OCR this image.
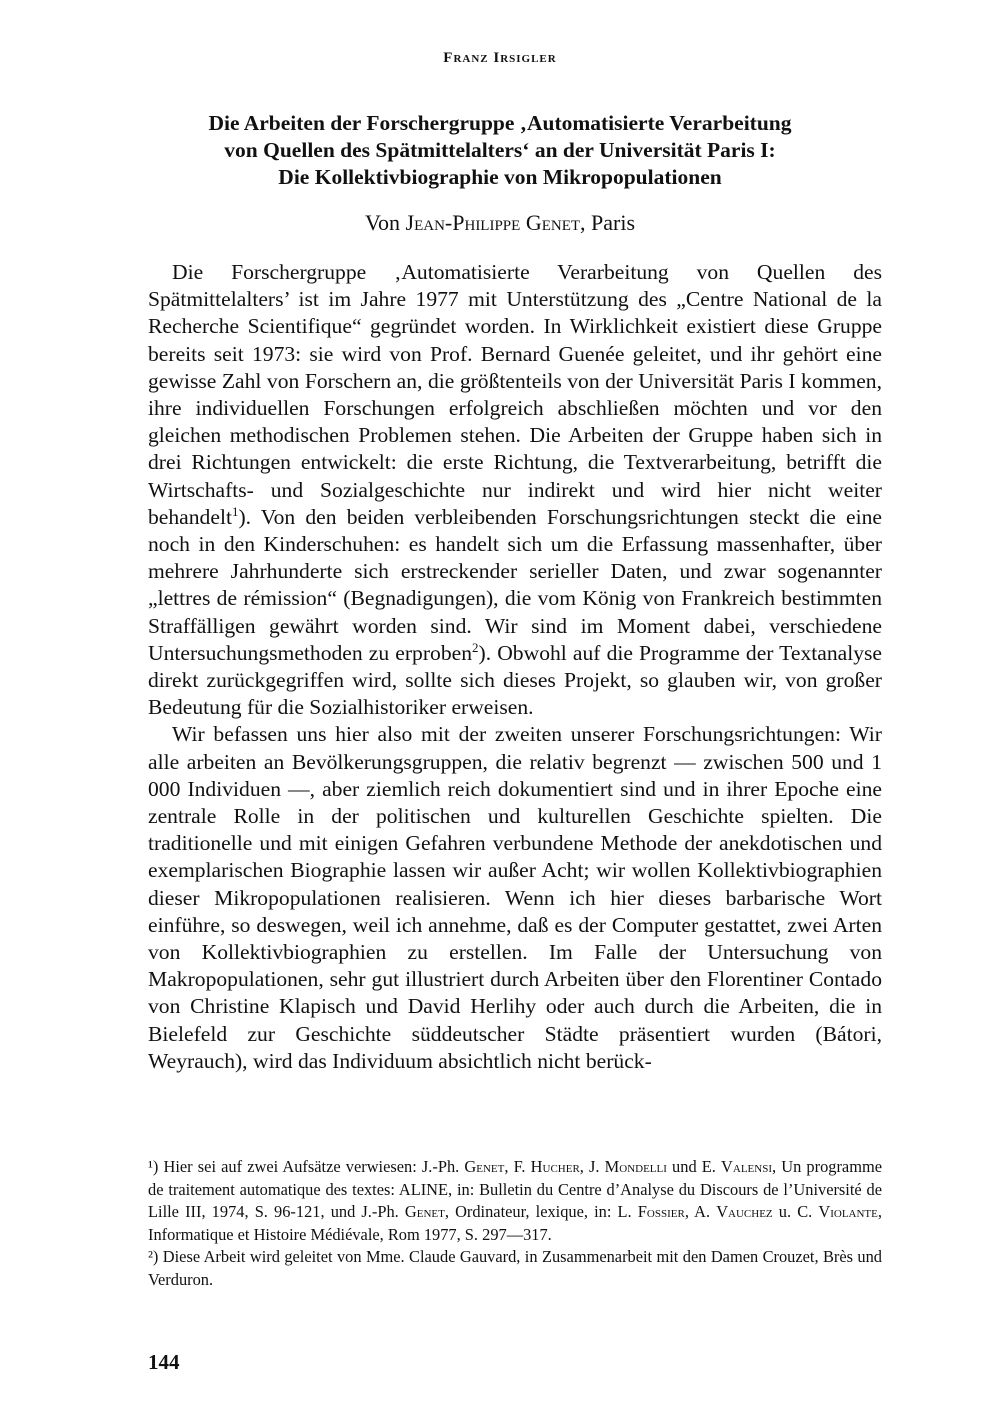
Franz Irsigler
Die Arbeiten der Forschergruppe ‚Automatisierte Verarbeitung
von Quellen des Spätmittelalters‘ an der Universität Paris I:
Die Kollektivbiographie von Mikropopulationen
Von Jean-Philippe Genet, Paris

Die Forschergruppe ‚Automatisierte Verarbeitung von Quellen des Spätmittelalters’ ist im Jahre 1977 mit Unterstützung des „Centre National de la Recherche Scientifique“ gegründet worden. In Wirklichkeit existiert diese Gruppe bereits seit 1973: sie wird von Prof. Bernard Guenée geleitet, und ihr gehört eine gewisse Zahl von Forschern an, die größtenteils von der Universität Paris I kommen, ihre individuellen Forschungen erfolgreich abschließen möchten und vor den gleichen methodischen Problemen stehen. Die Arbeiten der Gruppe haben sich in drei Richtungen entwickelt: die erste Richtung, die Textverarbeitung, betrifft die Wirtschafts- und Sozialgeschichte nur indirekt und wird hier nicht weiter behandelt$^1$). Von den beiden verbleibenden Forschungsrichtungen steckt die eine noch in den Kinderschuhen: es handelt sich um die Erfassung massenhafter, über mehrere Jahrhunderte sich erstreckender serieller Daten, und zwar sogenannter „lettres de rémission“ (Begnadigungen), die vom König von Frankreich bestimmten Straffälligen gewährt worden sind. Wir sind im Moment dabei, verschiedene Untersuchungsmethoden zu erproben$^2$). Obwohl auf die Programme der Textanalyse direkt zurückgegriffen wird, sollte sich dieses Projekt, so glauben wir, von großer Bedeutung für die Sozialhistoriker erweisen.

Wir befassen uns hier also mit der zweiten unserer Forschungsrichtungen: Wir alle arbeiten an Bevölkerungsgruppen, die relativ begrenzt — zwischen 500 und 1 000 Individuen —, aber ziemlich reich dokumentiert sind und in ihrer Epoche eine zentrale Rolle in der politischen und kulturellen Geschichte spielten. Die traditionelle und mit einigen Gefahren verbundene Methode der anekdotischen und exemplarischen Biographie lassen wir außer Acht; wir wollen Kollektivbiographien dieser Mikropopulationen realisieren. Wenn ich hier dieses barbarische Wort einführe, so deswegen, weil ich annehme, daß es der Computer gestattet, zwei Arten von Kollektivbiographien zu erstellen. Im Falle der Untersuchung von Makropopulationen, sehr gut illustriert durch Arbeiten über den Florentiner Contado von Christine Klapisch und David Herlihy oder auch durch die Arbeiten, die in Bielefeld zur Geschichte süddeutscher Städte präsentiert wurden (Bátori, Weyrauch), wird das Individuum absichtlich nicht berück-

¹) Hier sei auf zwei Aufsätze verwiesen: J.-Ph. Genet, F. Hucher, J. Mondelli und E. Valensi, Un programme de traitement automatique des textes: ALINE, in: Bulletin du Centre d’Analyse du Discours de l’Université de Lille III, 1974, S. 96-121, und J.-Ph. Genet, Ordinateur, lexique, in: L. Fossier, A. Vauchez u. C. Violante, Informatique et Histoire Médiévale, Rom 1977, S. 297—317.

²) Diese Arbeit wird geleitet von Mme. Claude Gauvard, in Zusammenarbeit mit den Damen Crouzet, Brès und Verduron.

144
